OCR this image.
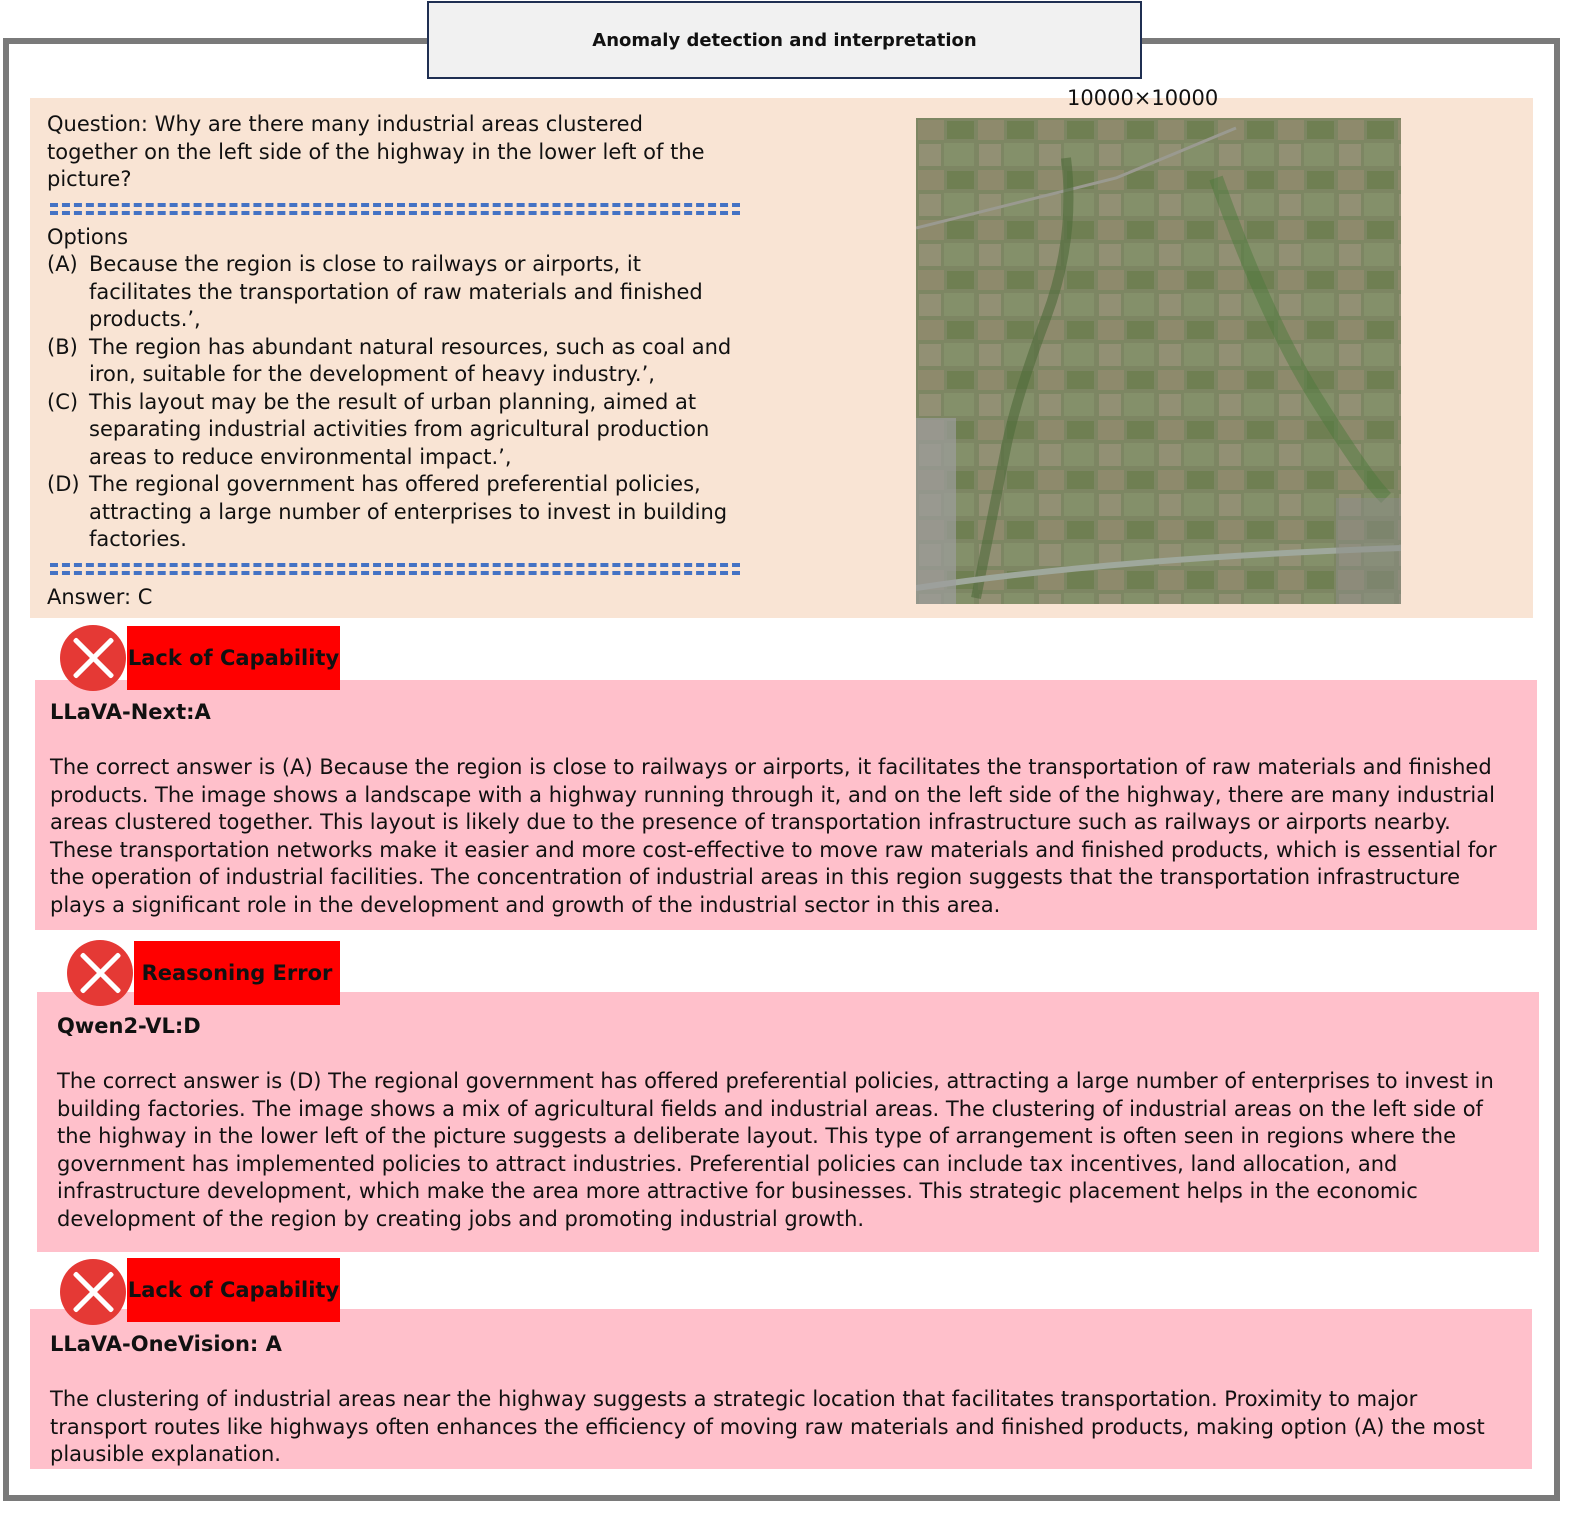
Anomaly detection and interpretation
Question: Why are there many industrial areas clustered
together on the left side of the highway in the lower left of the
picture?
Options
(A) Because the region is close to railways or airports, it facilitates the transportation of raw materials and finished products.’,
(B) The region has abundant natural resources, such as coal and iron, suitable for the development of heavy industry.’,
(C) This layout may be the result of urban planning, aimed at separating industrial activities from agricultural production areas to reduce environmental impact.’,
(D) The regional government has offered preferential policies, attracting a large number of enterprises to invest in building factories.
Answer: C
10000×10000
Lack of Capability
LLaVA-Next:A
The correct answer is (A) Because the region is close to railways or airports, it facilitates the transportation of raw materials and finished products. The image shows a landscape with a highway running through it, and on the left side of the highway, there are many industrial areas clustered together. This layout is likely due to the presence of transportation infrastructure such as railways or airports nearby. These transportation networks make it easier and more cost-effective to move raw materials and finished products, which is essential for the operation of industrial facilities. The concentration of industrial areas in this region suggests that the transportation infrastructure plays a significant role in the development and growth of the industrial sector in this area.
Reasoning Error
Qwen2-VL:D
The correct answer is (D) The regional government has offered preferential policies, attracting a large number of enterprises to invest in building factories. The image shows a mix of agricultural fields and industrial areas. The clustering of industrial areas on the left side of the highway in the lower left of the picture suggests a deliberate layout. This type of arrangement is often seen in regions where the government has implemented policies to attract industries. Preferential policies can include tax incentives, land allocation, and infrastructure development, which make the area more attractive for businesses. This strategic placement helps in the economic development of the region by creating jobs and promoting industrial growth.
Lack of Capability
LLaVA-OneVision: A
The clustering of industrial areas near the highway suggests a strategic location that facilitates transportation. Proximity to major transport routes like highways often enhances the efficiency of moving raw materials and finished products, making option (A) the most plausible explanation.
